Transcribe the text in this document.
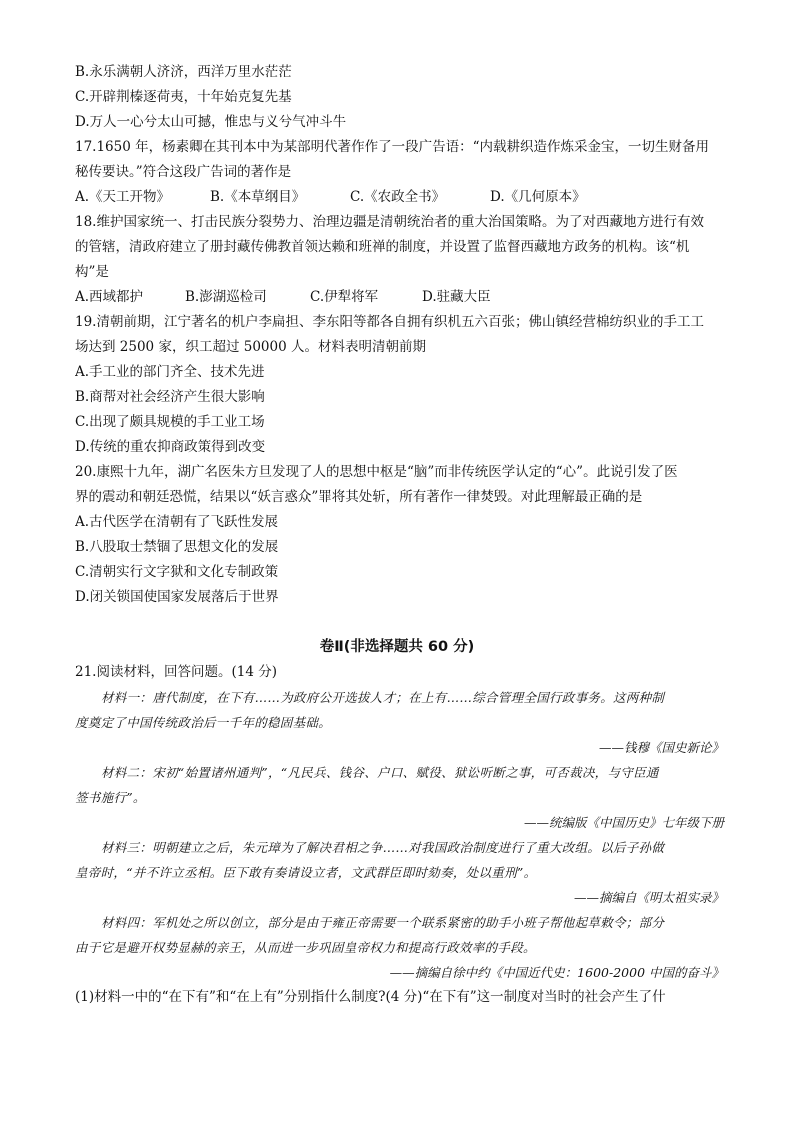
B.永乐满朝人济济，西洋万里水茫茫
C.开辟荆榛逐荷夷，十年始克复先基
D.万人一心兮太山可撼，惟忠与义兮气冲斗牛
17.1650 年，杨素卿在其刊本中为某部明代著作作了一段广告语：“内载耕织造作炼采金宝，一切生财备用
秘传要诀。”符合这段广告词的著作是
A.《天工开物》	B.《本草纲目》	C.《农政全书》	D.《几何原本》
18.维护国家统一、打击民族分裂势力、治理边疆是清朝统治者的重大治国策略。为了对西藏地方进行有效
的管辖，清政府建立了册封藏传佛教首领达赖和班禅的制度，并设置了监督西藏地方政务的机构。该“机
构”是
A.西域都护	B.澎湖巡检司	C.伊犁将军	D.驻藏大臣
19.清朝前期，江宁著名的机户李扁担、李东阳等都各自拥有织机五六百张；佛山镇经营棉纺织业的手工工
场达到 2500 家，织工超过 50000 人。材料表明清朝前期
A.手工业的部门齐全、技术先进
B.商帮对社会经济产生很大影响
C.出现了颇具规模的手工业工场
D.传统的重农抑商政策得到改变
20.康熙十九年，湖广名医朱方旦发现了人的思想中枢是“脑”而非传统医学认定的“心”。此说引发了医
界的震动和朝廷恐慌，结果以“妖言惑众”罪将其处斩，所有著作一律焚毁。对此理解最正确的是
A.古代医学在清朝有了飞跃性发展
B.八股取士禁锢了思想文化的发展
C.清朝实行文字狱和文化专制政策
D.闭关锁国使国家发展落后于世界
卷Ⅱ(非选择题共 60 分)
21.阅读材料，回答问题。(14 分)
材料一：唐代制度，在下有……为政府公开选拔人才；在上有……综合管理全国行政事务。这两种制
度奠定了中国传统政治后一千年的稳固基础。
——钱穆《国史新论》
材料二：宋初“始置诸州通判”，“凡民兵、钱谷、户口、赋役、狱讼听断之事，可否裁决，与守臣通
签书施行”。
——统编版《中国历史》七年级下册
材料三：明朝建立之后，朱元璋为了解决君相之争……对我国政治制度进行了重大改组。以后子孙做
皇帝时，“并不许立丞相。臣下敢有奏请设立者，文武群臣即时劾奏，处以重刑”。
——摘编自《明太祖实录》
材料四：军机处之所以创立，部分是由于雍正帝需要一个联系紧密的助手小班子帮他起草敕令；部分
由于它是避开权势显赫的亲王，从而进一步巩固皇帝权力和提高行政效率的手段。
——摘编自徐中约《中国近代史：1600-2000 中国的奋斗》
(1)材料一中的“在下有”和“在上有”分别指什么制度?(4 分)“在下有”这一制度对当时的社会产生了什
